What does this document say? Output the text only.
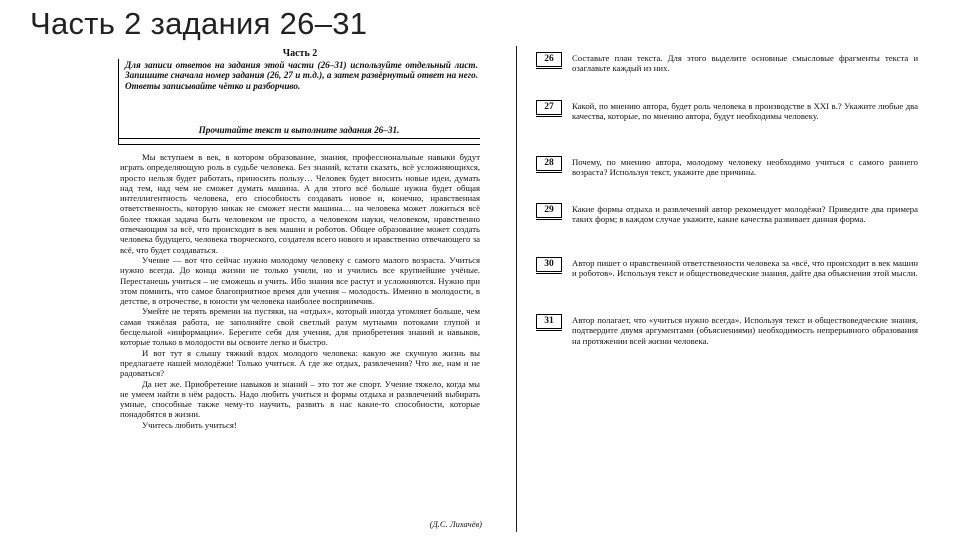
Часть 2 задания 26–31
Часть 2
Для записи ответов на задания этой части (26–31) используйте отдельный лист. Запишите сначала номер задания (26, 27 и т.д.), а затем развёрнутый ответ на него. Ответы записывайте чётко и разборчиво.
Прочитайте текст и выполните задания 26–31.

Мы вступаем в век, в котором образование, знания, профессиональные навыки будут играть определяющую роль в судьбе человека. Без знаний, кстати сказать, всё усложняющихся, просто нельзя будет работать, приносить пользу… Человек будет вносить новые идеи, думать над тем, над чем не сможет думать машина. А для этого всё больше нужна будет общая интеллигентность человека, его способность создавать новое и, конечно, нравственная ответственность, которую никак не сможет нести машина… на человека может ложиться всё более тяжкая задача быть человеком не просто, а человеком науки, человеком, нравственно отвечающим за всё, что происходит в век машин и роботов. Общее образование может создать человека будущего, человека творческого, создателя всего нового и нравственно отвечающего за всё, что будет создаваться.

Учение — вот что сейчас нужно молодому человеку с самого малого возраста. Учиться нужно всегда. До конца жизни не только учили, но и учились все крупнейшие учёные. Перестанешь учиться – не сможешь и учить. Ибо знания все растут и усложняются. Нужно при этом помнить, что самое благоприятное время для учения – молодость. Именно в молодости, в детстве, в отрочестве, в юности ум человека наиболее восприимчив.

Умейте не терять времени на пустяки, на «отдых», который иногда утомляет больше, чем самая тяжёлая работа, не заполняйте свой светлый разум мутными потоками глупой и бесцельной «информации». Берегите себя для учения, для приобретения знаний и навыков, которые только в молодости вы освоите легко и быстро.

И вот тут я слышу тяжкий вздох молодого человека: какую же скучную жизнь вы предлагаете нашей молодёжи! Только учиться. А где же отдых, развлечения? Что же, нам и не радоваться?

Да нет же. Приобретение навыков и знаний – это тот же спорт. Учение тяжело, когда мы не умеем найти в нём радость. Надо любить учиться и формы отдыха и развлечений выбирать умные, способные также чему-то научить, развить в нас какие-то способности, которые понадобятся в жизни.

Учитесь любить учиться!

(Д.С. Лихачёв)
26	Составьте план текста. Для этого выделите основные смысловые фрагменты текста и озаглавьте каждый из них.
27	Какой, по мнению автора, будет роль человека в производстве в XXI в.? Укажите любые два качества, которые, по мнению автора, будут необходимы человеку.
28	Почему, по мнению автора, молодому человеку необходимо учиться с самого раннего возраста? Используя текст, укажите две причины.
29	Какие формы отдыха и развлечений автор рекомендует молодёжи? Приведите два примера таких форм; в каждом случае укажите, какие качества развивает данная форма.
30	Автор пишет о нравственной ответственности человека за «всё, что происходит в век машин и роботов». Используя текст и обществоведческие знания, дайте два объяснения этой мысли.
31	Автор полагает, что «учиться нужно всегда». Используя текст и обществоведческие знания, подтвердите двумя аргументами (объяснениями) необходимость непрерывного образования на протяжении всей жизни человека.
